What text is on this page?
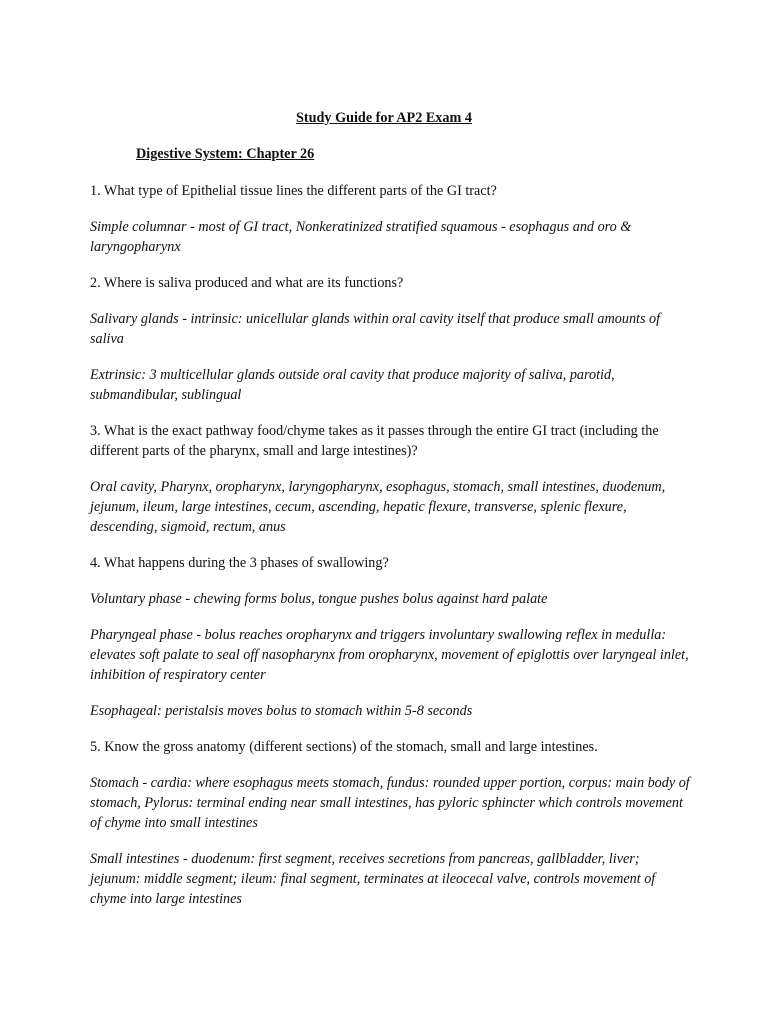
Study Guide for AP2 Exam 4
Digestive System: Chapter 26

1. What type of Epithelial tissue lines the different parts of the GI tract?

Simple columnar - most of GI tract, Nonkeratinized stratified squamous - esophagus and oro & laryngopharynx

2. Where is saliva produced and what are its functions?

Salivary glands - intrinsic: unicellular glands within oral cavity itself that produce small amounts of saliva

Extrinsic: 3 multicellular glands outside oral cavity that produce majority of saliva, parotid, submandibular, sublingual

3. What is the exact pathway food/chyme takes as it passes through the entire GI tract (including the different parts of the pharynx, small and large intestines)?

Oral cavity, Pharynx, oropharynx, laryngopharynx, esophagus, stomach, small intestines, duodenum, jejunum, ileum, large intestines, cecum, ascending, hepatic flexure, transverse, splenic flexure, descending, sigmoid, rectum, anus

4. What happens during the 3 phases of swallowing?

Voluntary phase - chewing forms bolus, tongue pushes bolus against hard palate

Pharyngeal phase - bolus reaches oropharynx and triggers involuntary swallowing reflex in medulla: elevates soft palate to seal off nasopharynx from oropharynx, movement of epiglottis over laryngeal inlet, inhibition of respiratory center

Esophageal: peristalsis moves bolus to stomach within 5-8 seconds

5. Know the gross anatomy (different sections) of the stomach, small and large intestines.

Stomach - cardia: where esophagus meets stomach, fundus: rounded upper portion, corpus: main body of stomach, Pylorus: terminal ending near small intestines, has pyloric sphincter which controls movement of chyme into small intestines

Small intestines - duodenum: first segment, receives secretions from pancreas, gallbladder, liver; jejunum: middle segment; ileum: final segment, terminates at ileocecal valve, controls movement of chyme into large intestines
